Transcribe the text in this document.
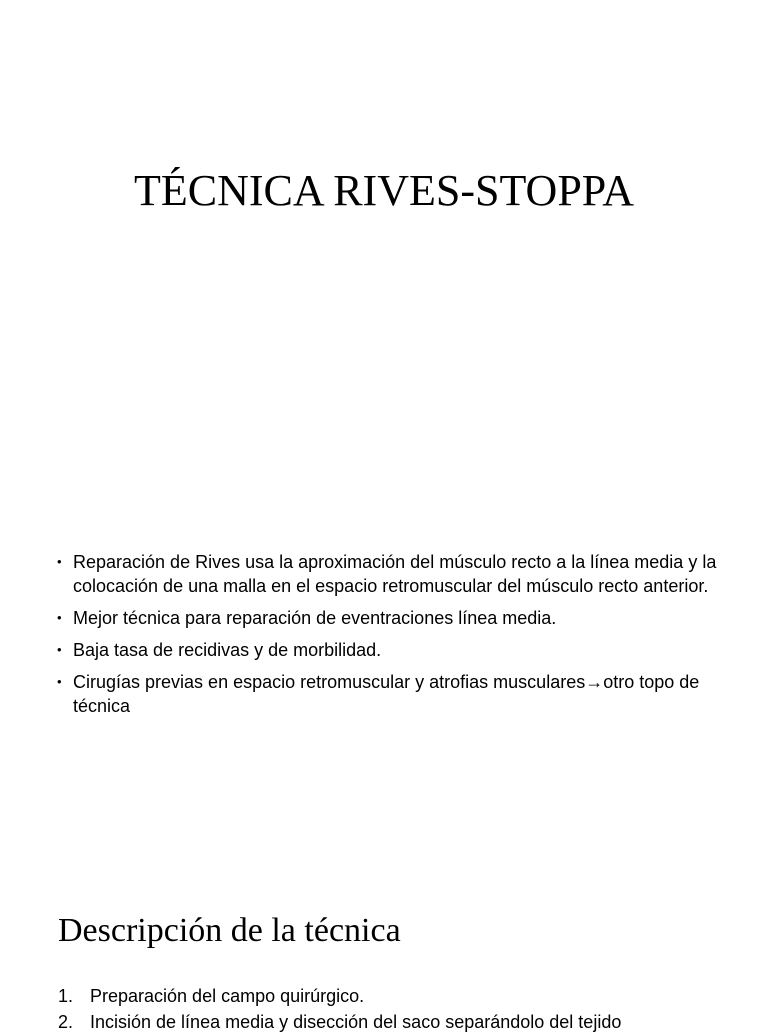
TÉCNICA RIVES-STOPPA
• Reparación de Rives usa la aproximación del músculo recto a la línea media y la colocación de una malla en el espacio retromuscular del músculo recto anterior.
• Mejor técnica para reparación de eventraciones línea media.
• Baja tasa de recidivas y de morbilidad.
• Cirugías previas en espacio retromuscular y atrofias musculares→otro topo de técnica
Descripción de la técnica
1. Preparación del campo quirúrgico.
2. Incisión de línea media y disección del saco separándolo del tejido
